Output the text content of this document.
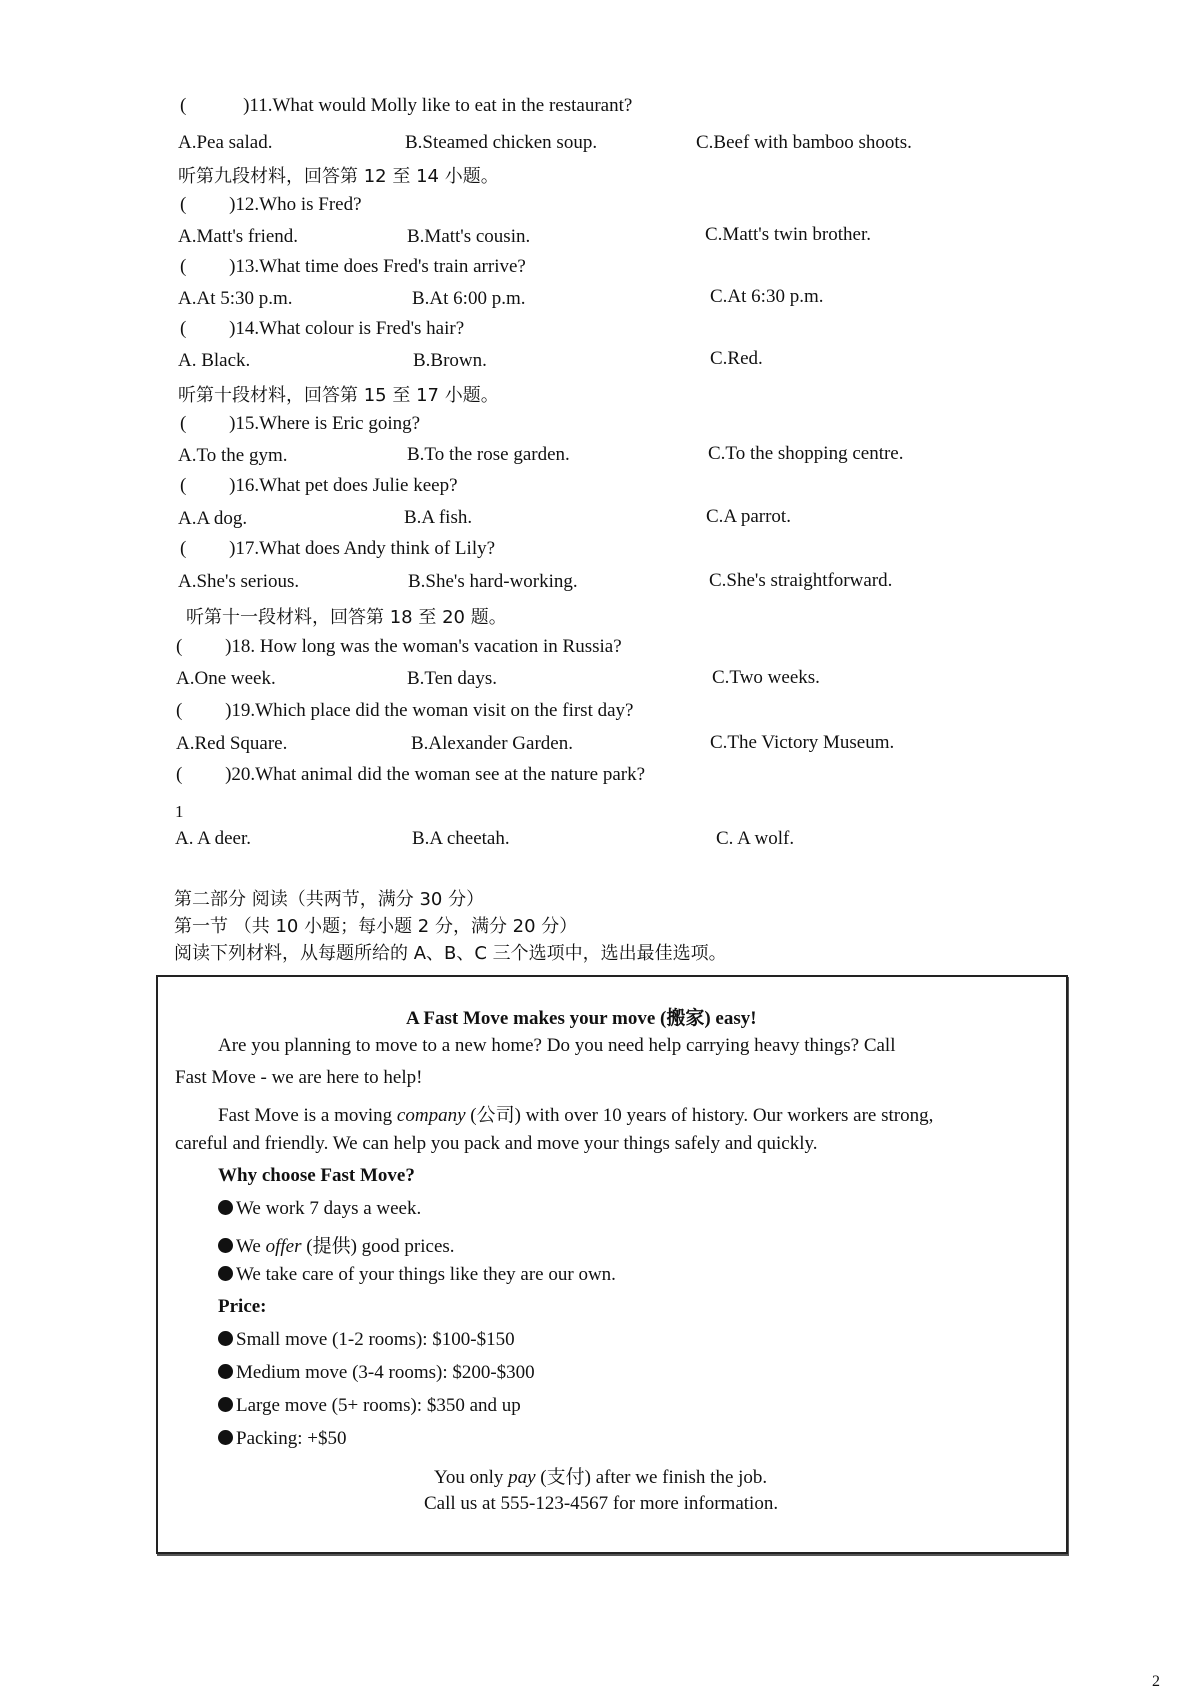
(	)11.What would Molly like to eat in the restaurant?
A.Pea salad.	B.Steamed chicken soup.	C.Beef with bamboo shoots.
听第九段材料，回答第 12 至 14 小题。
( )12.Who is Fred?
A.Matt's friend.	B.Matt's cousin.	C.Matt's twin brother.
( )13.What time does Fred's train arrive?
A.At 5:30 p.m.	B.At 6:00 p.m.	C.At 6:30 p.m.
( )14.What colour is Fred's hair?
A. Black.	B.Brown.	C.Red.
听第十段材料，回答第 15 至 17 小题。
( )15.Where is Eric going?
A.To the gym.	B.To the rose garden.	C.To the shopping centre.
( )16.What pet does Julie keep?
A.A dog.	B.A fish.	C.A parrot.
( )17.What does Andy think of Lily?
A.She's serious.	B.She's hard-working.	C.She's straightforward.
听第十一段材料，回答第 18 至 20 题。
( )18. How long was the woman's vacation in Russia?
A.One week.	B.Ten days.	C.Two weeks.
( )19.Which place did the woman visit on the first day?
A.Red Square.	B.Alexander Garden.	C.The Victory Museum.
( )20.What animal did the woman see at the nature park?
1
A. A deer.	B.A cheetah.	C. A wolf.
第二部分 阅读（共两节，满分 30 分）
第一节 （共 10 小题；每小题 2 分，满分 20 分）
阅读下列材料，从每题所给的 A、B、C 三个选项中，选出最佳选项。
A Fast Move makes your move (搬家) easy!
Are you planning to move to a new home? Do you need help carrying heavy things? Call
Fast Move - we are here to help!
Fast Move is a moving company (公司) with over 10 years of history. Our workers are strong,
careful and friendly. We can help you pack and move your things safely and quickly.
Why choose Fast Move?
We work 7 days a week.
We offer (提供) good prices.
We take care of your things like they are our own.
Price:
Small move (1-2 rooms): $100-$150
Medium move (3-4 rooms): $200-$300
Large move (5+ rooms): $350 and up
Packing: +$50
You only pay (支付) after we finish the job.
Call us at 555-123-4567 for more information.
2
